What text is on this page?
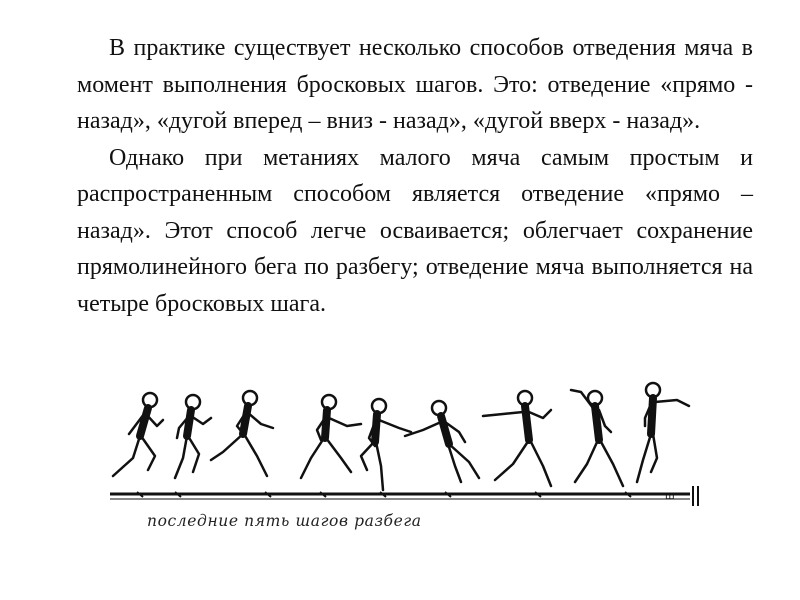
В практике существует несколько способов отведения мяча в момент выполнения бросковых шагов. Это: отведение «прямо - назад», «дугой вперед – вниз - назад», «дугой вверх - назад».

Однако при метаниях малого мяча самым простым и распространенным способом является отведение «прямо – назад». Этот способ легче осваивается; облегчает сохранение прямолинейного бега по разбегу; отведение мяча выполняется на четыре бросковых шага.

Ш
последние пять шагов разбега
